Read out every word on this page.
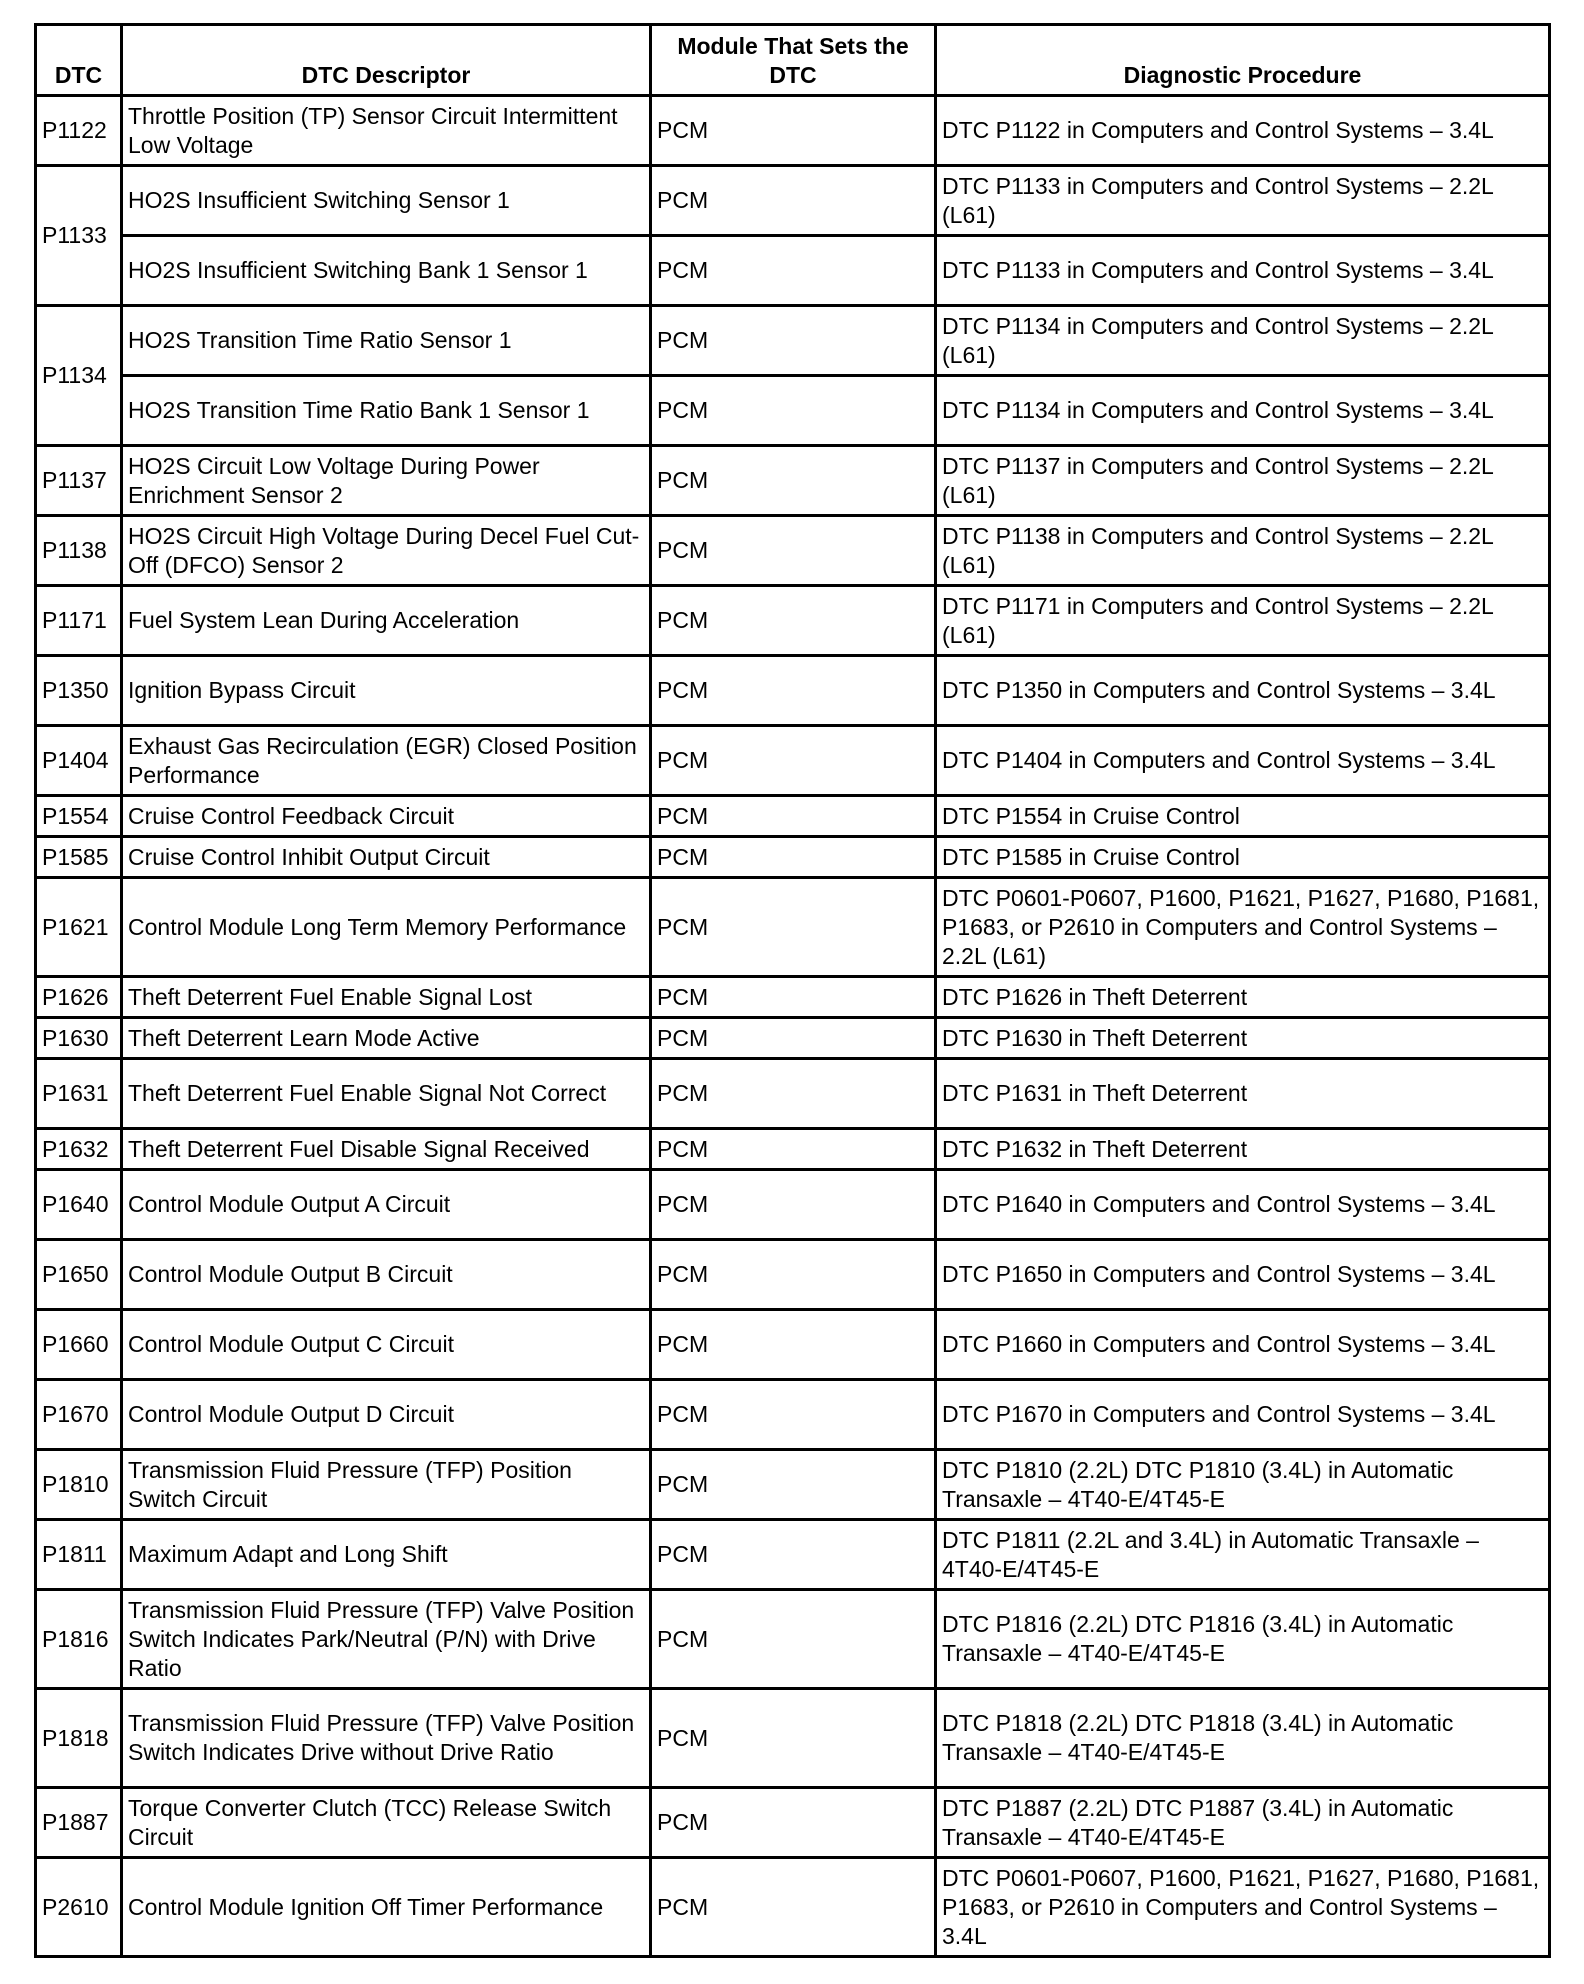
DTC	DTC Descriptor	Module That Sets the DTC	Diagnostic Procedure
P1122	Throttle Position (TP) Sensor Circuit Intermittent Low Voltage	PCM	DTC P1122 in Computers and Control Systems – 3.4L
P1133	HO2S Insufficient Switching Sensor 1	PCM	DTC P1133 in Computers and Control Systems – 2.2L (L61)
	HO2S Insufficient Switching Bank 1 Sensor 1	PCM	DTC P1133 in Computers and Control Systems – 3.4L
P1134	HO2S Transition Time Ratio Sensor 1	PCM	DTC P1134 in Computers and Control Systems – 2.2L (L61)
	HO2S Transition Time Ratio Bank 1 Sensor 1	PCM	DTC P1134 in Computers and Control Systems – 3.4L
P1137	HO2S Circuit Low Voltage During Power Enrichment Sensor 2	PCM	DTC P1137 in Computers and Control Systems – 2.2L (L61)
P1138	HO2S Circuit High Voltage During Decel Fuel Cut-Off (DFCO) Sensor 2	PCM	DTC P1138 in Computers and Control Systems – 2.2L (L61)
P1171	Fuel System Lean During Acceleration	PCM	DTC P1171 in Computers and Control Systems – 2.2L (L61)
P1350	Ignition Bypass Circuit	PCM	DTC P1350 in Computers and Control Systems – 3.4L
P1404	Exhaust Gas Recirculation (EGR) Closed Position Performance	PCM	DTC P1404 in Computers and Control Systems – 3.4L
P1554	Cruise Control Feedback Circuit	PCM	DTC P1554 in Cruise Control
P1585	Cruise Control Inhibit Output Circuit	PCM	DTC P1585 in Cruise Control
P1621	Control Module Long Term Memory Performance	PCM	DTC P0601-P0607, P1600, P1621, P1627, P1680, P1681, P1683, or P2610 in Computers and Control Systems – 2.2L (L61)
P1626	Theft Deterrent Fuel Enable Signal Lost	PCM	DTC P1626 in Theft Deterrent
P1630	Theft Deterrent Learn Mode Active	PCM	DTC P1630 in Theft Deterrent
P1631	Theft Deterrent Fuel Enable Signal Not Correct	PCM	DTC P1631 in Theft Deterrent
P1632	Theft Deterrent Fuel Disable Signal Received	PCM	DTC P1632 in Theft Deterrent
P1640	Control Module Output A Circuit	PCM	DTC P1640 in Computers and Control Systems – 3.4L
P1650	Control Module Output B Circuit	PCM	DTC P1650 in Computers and Control Systems – 3.4L
P1660	Control Module Output C Circuit	PCM	DTC P1660 in Computers and Control Systems – 3.4L
P1670	Control Module Output D Circuit	PCM	DTC P1670 in Computers and Control Systems – 3.4L
P1810	Transmission Fluid Pressure (TFP) Position Switch Circuit	PCM	DTC P1810 (2.2L) DTC P1810 (3.4L) in Automatic Transaxle – 4T40-E/4T45-E
P1811	Maximum Adapt and Long Shift	PCM	DTC P1811 (2.2L and 3.4L) in Automatic Transaxle – 4T40-E/4T45-E
P1816	Transmission Fluid Pressure (TFP) Valve Position Switch Indicates Park/Neutral (P/N) with Drive Ratio	PCM	DTC P1816 (2.2L) DTC P1816 (3.4L) in Automatic Transaxle – 4T40-E/4T45-E
P1818	Transmission Fluid Pressure (TFP) Valve Position Switch Indicates Drive without Drive Ratio	PCM	DTC P1818 (2.2L) DTC P1818 (3.4L) in Automatic Transaxle – 4T40-E/4T45-E
P1887	Torque Converter Clutch (TCC) Release Switch Circuit	PCM	DTC P1887 (2.2L) DTC P1887 (3.4L) in Automatic Transaxle – 4T40-E/4T45-E
P2610	Control Module Ignition Off Timer Performance	PCM	DTC P0601-P0607, P1600, P1621, P1627, P1680, P1681, P1683, or P2610 in Computers and Control Systems – 3.4L
